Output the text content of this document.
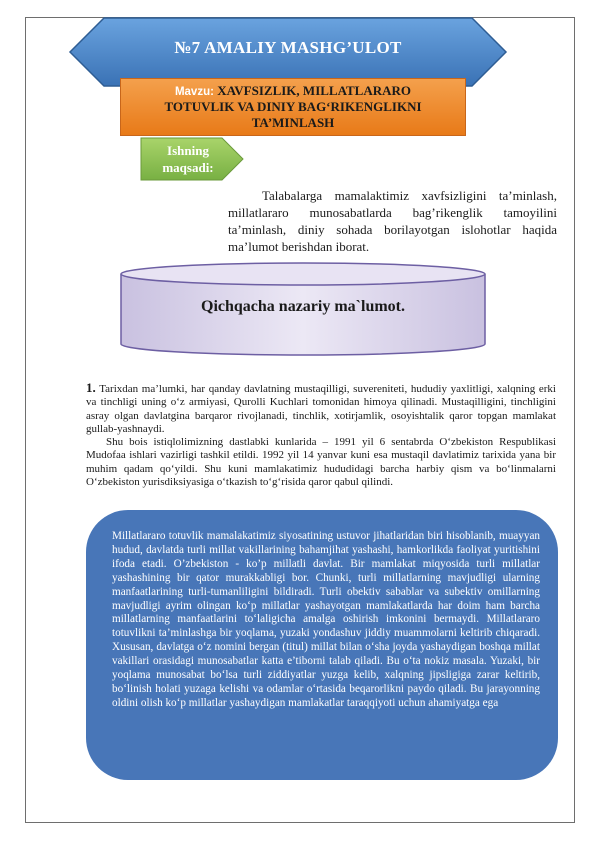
№7 AMALIY MASHG’ULOT
Mavzu: XAVFSIZLIK, MILLATLARARO
TOTUVLIK VA DINIY BAG‘RIKENGLIKNI
TA’MINLASH
Ishning
maqsadi:
Talabalarga mamalaktimiz xavfsizligini ta’minlash, millatlararo munosabatlarda bag’rikenglik tamoyilini ta’minlash, diniy sohada borilayotgan islohotlar haqida ma’lumot berishdan iborat.
Qichqacha nazariy ma`lumot.

1. Tarixdan ma’lumki, har qanday davlatning mustaqilligi, suvereniteti, hududiy yaxlitligi, xalqning erki va tinchligi uning o‘z armiyasi, Qurolli Kuchlari tomonidan himoya qilinadi. Mustaqilligini, tinchligini asray olgan davlatgina barqaror rivojlanadi, tinchlik, xotirjamlik, osoyishtalik qaror topgan mamlakat gullab-yashnaydi.

Shu bois istiqlolimizning dastlabki kunlarida – 1991 yil 6 sentabrda O‘zbekiston Respublikasi Mudofaa ishlari vazirligi tashkil etildi. 1992 yil 14 yanvar kuni esa mustaqil davlatimiz tarixida yana bir muhim qadam qo‘yildi. Shu kuni mamlakatimiz hududidagi barcha harbiy qism va bo‘linmalarni O‘zbekiston yurisdiksiyasiga o‘tkazish to‘g‘risida qaror qabul qilindi.

Millatlararo totuvlik mamalakatimiz siyosatining ustuvor jihatlaridan biri hisoblanib, muayyan hudud, davlatda turli millat vakillarining bahamjihat yashashi, hamkorlikda faoliyat yuritishini ifoda etadi. O’zbekiston - ko’p millatli davlat. Bir mamlakat miqyosida turli millatlar yashashining bir qator murakkabligi bor. Chunki, turli millatlarning mavjudligi ularning manfaatlarining turli-tumanliligini bildiradi. Turli obektiv sabablar va subektiv omillarning mavjudligi ayrim olingan ko‘p millatlar yashayotgan mamlakatlarda har doim ham barcha millatlarning manfaatlarini to‘laligicha amalga oshirish imkonini bermaydi. Millatlararo totuvlikni ta’minlashga bir yoqlama, yuzaki yondashuv jiddiy muammolarni keltirib chiqaradi. Xususan, davlatga o‘z nomini bergan (titul) millat bilan o‘sha joyda yashaydigan boshqa millat vakillari orasidagi munosabatlar katta e’tiborni talab qiladi. Bu o‘ta nokiz masala. Yuzaki, bir yoqlama munosabat bo‘lsa turli ziddiyatlar yuzga kelib, xalqning jipsligiga zarar keltirib, bo‘linish holati yuzaga kelishi va odamlar o‘rtasida beqarorlikni paydo qiladi. Bu jarayonning oldini olish ko‘p millatlar yashaydigan mamlakatlar taraqqiyoti uchun ahamiyatga ega
